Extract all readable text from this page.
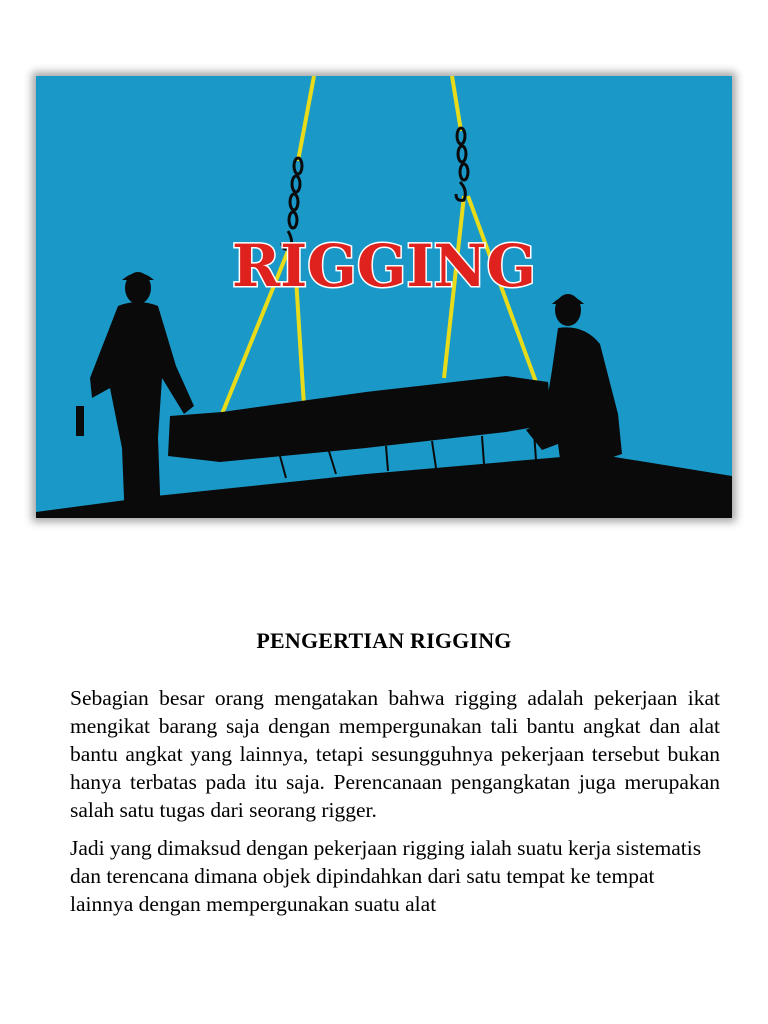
RIGGING
PENGERTIAN RIGGING

Sebagian besar orang mengatakan bahwa rigging adalah pekerjaan ikat mengikat barang saja dengan mempergunakan tali bantu angkat dan alat bantu angkat yang lainnya, tetapi sesungguhnya pekerjaan tersebut bukan hanya terbatas pada itu saja. Perencanaan pengangkatan juga merupakan salah satu tugas dari seorang rigger.

Jadi yang dimaksud dengan pekerjaan rigging ialah suatu kerja sistematis dan terencana dimana objek dipindahkan dari satu tempat ke tempat lainnya dengan mempergunakan suatu alat
